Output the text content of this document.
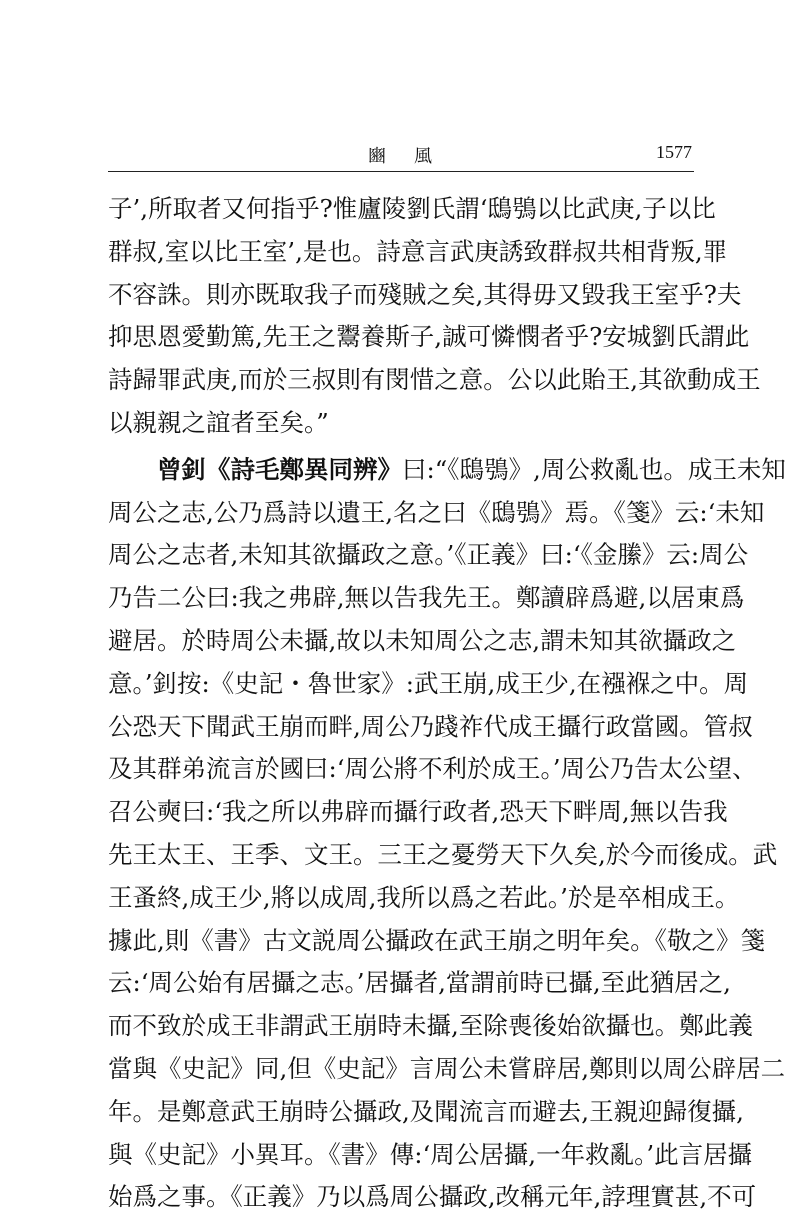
豳風	1577

子’,所取者又何指乎?惟廬陵劉氏謂‘鴟鴞以比武庚,子以比

群叔,室以比王室’,是也。詩意言武庚誘致群叔共相背叛,罪

不容誅。則亦既取我子而殘賊之矣,其得毋又毀我王室乎?夫

抑思恩愛勤篤,先王之鬻養斯子,誠可憐憫者乎?安城劉氏謂此

詩歸罪武庚,而於三叔則有閔惜之意。公以此貽王,其欲動成王

以親親之誼者至矣。”

曾釗《詩毛鄭異同辨》曰:“《鴟鴞》,周公救亂也。成王未知

周公之志,公乃爲詩以遺王,名之曰《鴟鴞》焉。《箋》云:‘未知

周公之志者,未知其欲攝政之意。’《正義》曰:‘《金縢》云:周公

乃告二公曰:我之弗辟,無以告我先王。鄭讀辟爲避,以居東爲

避居。於時周公未攝,故以未知周公之志,謂未知其欲攝政之

意。’釗按:《史記・魯世家》:武王崩,成王少,在襁褓之中。周

公恐天下聞武王崩而畔,周公乃踐祚代成王攝行政當國。管叔

及其群弟流言於國曰:‘周公將不利於成王。’周公乃告太公望、

召公奭曰:‘我之所以弗辟而攝行政者,恐天下畔周,無以告我

先王太王、王季、文王。三王之憂勞天下久矣,於今而後成。武

王蚤終,成王少,將以成周,我所以爲之若此。’於是卒相成王。

據此,則《書》古文説周公攝政在武王崩之明年矣。《敬之》箋

云:‘周公始有居攝之志。’居攝者,當謂前時已攝,至此猶居之,

而不致於成王非謂武王崩時未攝,至除喪後始欲攝也。鄭此義

當與《史記》同,但《史記》言周公未嘗辟居,鄭則以周公辟居二

年。是鄭意武王崩時公攝政,及聞流言而避去,王親迎歸復攝,

與《史記》小異耳。《書》傳:‘周公居攝,一年救亂。’此言居攝

始爲之事。《正義》乃以爲周公攝政,改稱元年,誖理實甚,不可
